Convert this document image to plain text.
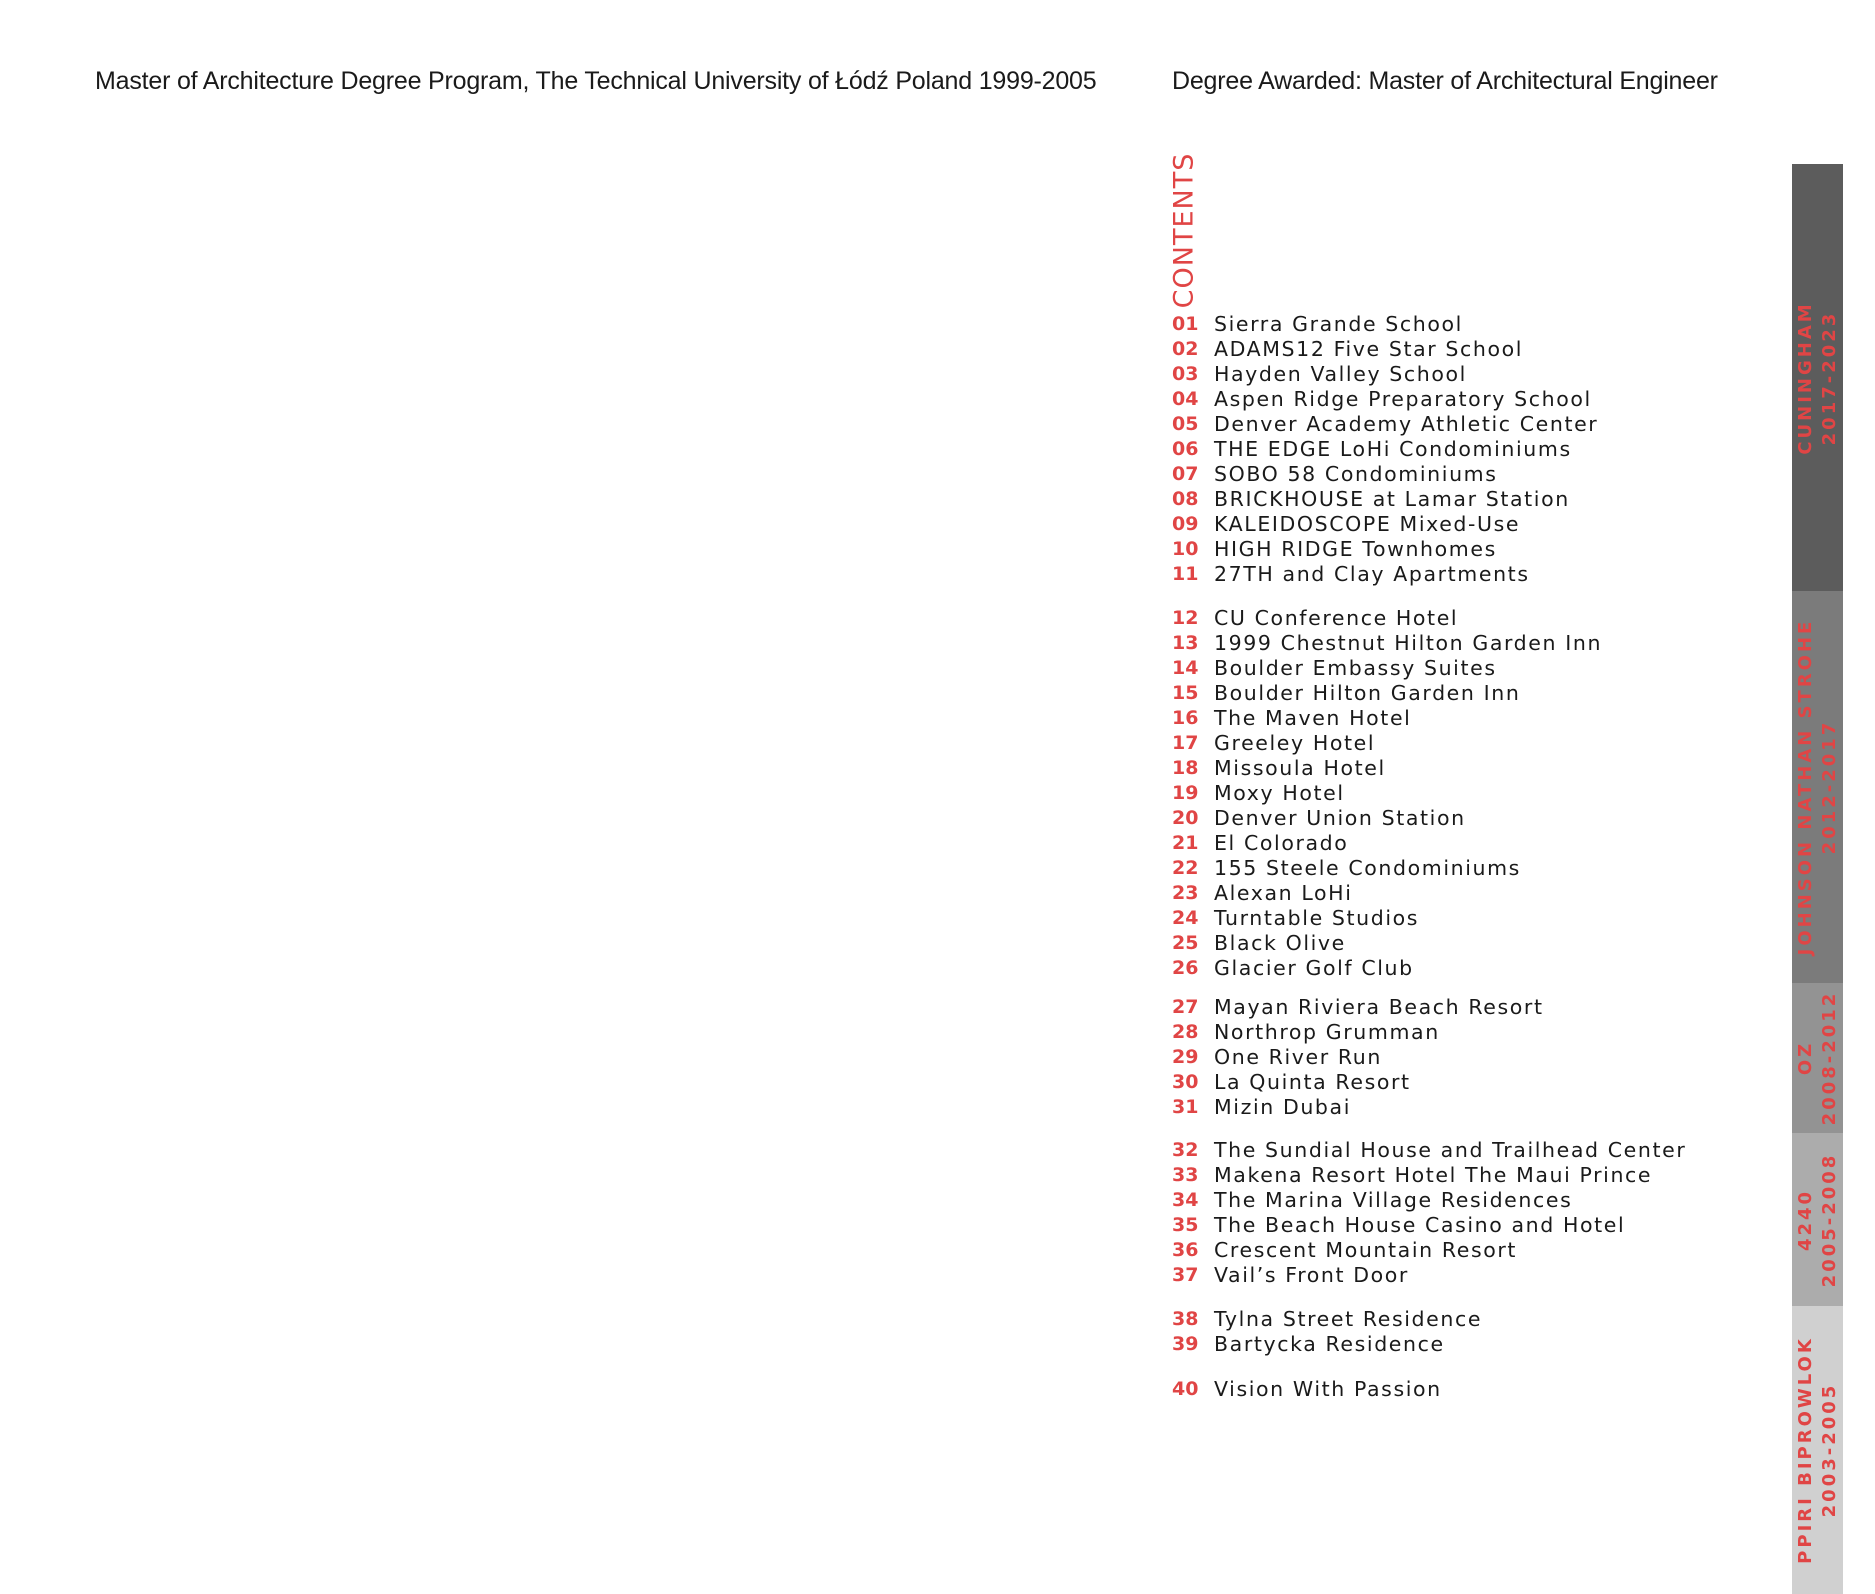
Master of Architecture Degree Program, The Technical University of Łódź Poland 1999-2005	Degree Awarded: Master of Architectural Engineer
CONTENTS
01 Sierra Grande School
02 ADAMS12 Five Star School
03 Hayden Valley School
04 Aspen Ridge Preparatory School
05 Denver Academy Athletic Center
06 THE EDGE LoHi Condominiums
07 SOBO 58 Condominiums
08 BRICKHOUSE at Lamar Station
09 KALEIDOSCOPE Mixed-Use
10 HIGH RIDGE Townhomes
11 27TH and Clay Apartments
12 CU Conference Hotel
13 1999 Chestnut Hilton Garden Inn
14 Boulder Embassy Suites
15 Boulder Hilton Garden Inn
16 The Maven Hotel
17 Greeley Hotel
18 Missoula Hotel
19 Moxy Hotel
20 Denver Union Station
21 El Colorado
22 155 Steele Condominiums
23 Alexan LoHi
24 Turntable Studios
25 Black Olive
26 Glacier Golf Club
27 Mayan Riviera Beach Resort
28 Northrop Grumman
29 One River Run
30 La Quinta Resort
31 Mizin Dubai
32 The Sundial House and Trailhead Center
33 Makena Resort Hotel The Maui Prince
34 The Marina Village Residences
35 The Beach House Casino and Hotel
36 Crescent Mountain Resort
37 Vail’s Front Door
38 Tylna Street Residence
39 Bartycka Residence
40 Vision With Passion
CUNINGHAM 2017-2023
JOHNSON NATHAN STROHE 2012-2017
OZ 2008-2012
4240 2005-2008
PPIRI BIPROWLOK 2003-2005
